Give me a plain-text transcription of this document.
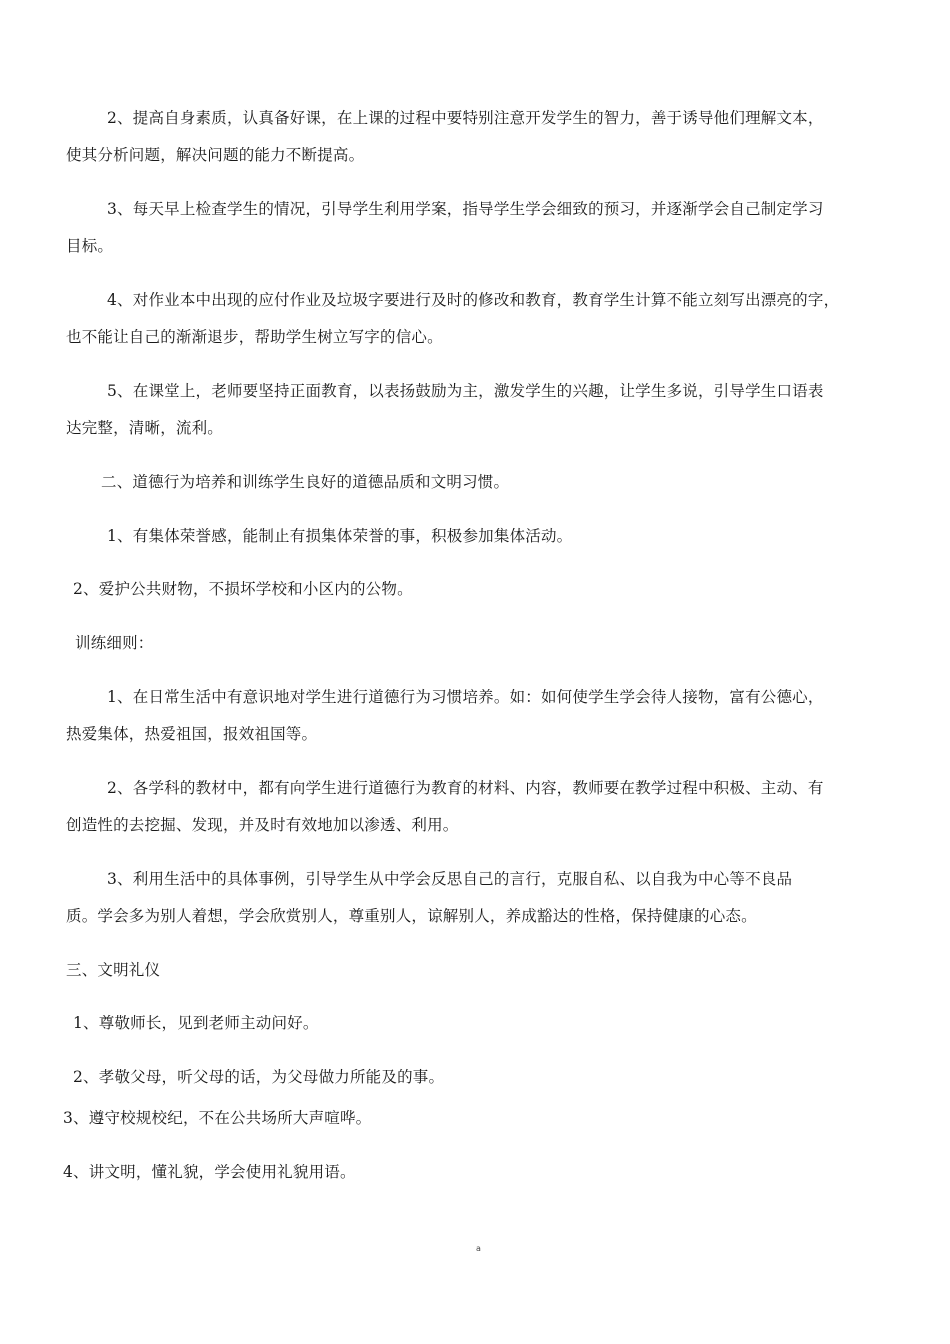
2、提高自身素质，认真备好课，在上课的过程中要特别注意开发学生的智力，善于诱导他们理解文本，
使其分析问题，解决问题的能力不断提高。
3、每天早上检查学生的情况，引导学生利用学案，指导学生学会细致的预习，并逐渐学会自己制定学习
目标。
4、对作业本中出现的应付作业及垃圾字要进行及时的修改和教育，教育学生计算不能立刻写出漂亮的字，
也不能让自己的渐渐退步，帮助学生树立写字的信心。
5、在课堂上，老师要坚持正面教育，以表扬鼓励为主，激发学生的兴趣，让学生多说，引导学生口语表
达完整，清晰，流利。
二、道德行为培养和训练学生良好的道德品质和文明习惯。
1、有集体荣誉感，能制止有损集体荣誉的事，积极参加集体活动。
2、爱护公共财物，不损坏学校和小区内的公物。
训练细则：
1、在日常生活中有意识地对学生进行道德行为习惯培养。如：如何使学生学会待人接物，富有公德心，
热爱集体，热爱祖国，报效祖国等。
2、各学科的教材中，都有向学生进行道德行为教育的材料、内容，教师要在教学过程中积极、主动、有
创造性的去挖掘、发现，并及时有效地加以渗透、利用。
3、利用生活中的具体事例，引导学生从中学会反思自己的言行，克服自私、以自我为中心等不良品
质。学会多为别人着想，学会欣赏别人，尊重别人，谅解别人，养成豁达的性格，保持健康的心态。
三、文明礼仪
1、尊敬师长，见到老师主动问好。
2、孝敬父母，听父母的话，为父母做力所能及的事。
3、遵守校规校纪，不在公共场所大声喧哗。
4、讲文明，懂礼貌，学会使用礼貌用语。
a
